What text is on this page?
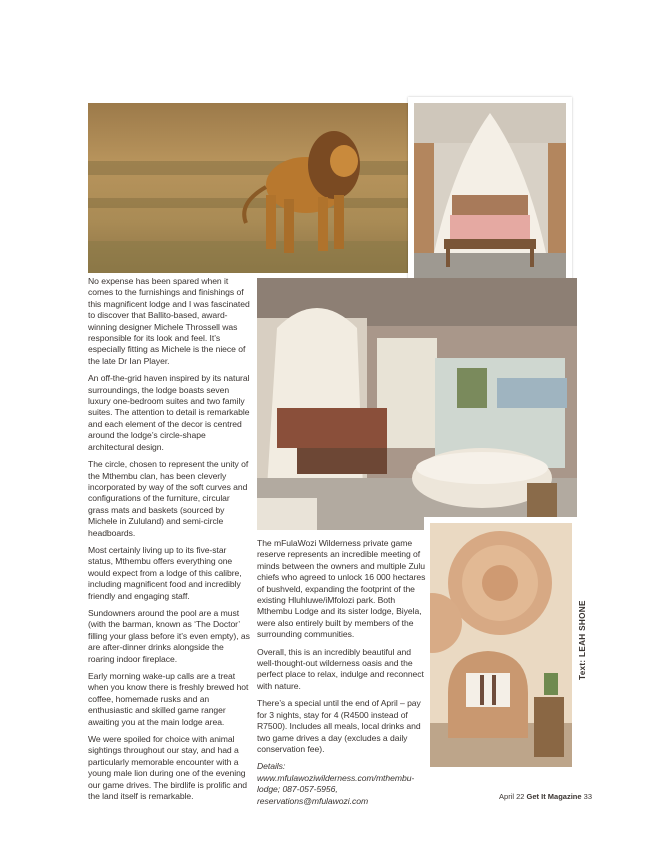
No expense has been spared when it comes to the furnishings and finishings of this magnificent lodge and I was fascinated to discover that Ballito-based, award-winning designer Michele Throssell was responsible for its look and feel. It’s especially fitting as Michele is the niece of the late Dr Ian Player.

An off-the-grid haven inspired by its natural surroundings, the lodge boasts seven luxury one-bedroom suites and two family suites. The attention to detail is remarkable and each element of the decor is centred around the lodge’s circle-shape architectural design.

The circle, chosen to represent the unity of the Mthembu clan, has been cleverly incorporated by way of the soft curves and configurations of the furniture, circular grass mats and baskets (sourced by Michele in Zululand) and semi-circle headboards.

Most certainly living up to its five-star status, Mthembu offers everything one would expect from a lodge of this calibre, including magnificent food and incredibly friendly and engaging staff.

Sundowners around the pool are a must (with the barman, known as ‘The Doctor’ filling your glass before it’s even empty), as are after-dinner drinks alongside the roaring indoor fireplace.

Early morning wake-up calls are a treat when you know there is freshly brewed hot coffee, homemade rusks and an enthusiastic and skilled game ranger awaiting you at the main lodge area.

We were spoiled for choice with animal sightings throughout our stay, and had a particularly memorable encounter with a young male lion during one of the evening our game drives. The birdlife is prolific and the land itself is remarkable.

The mFulaWozi Wilderness private game reserve represents an incredible meeting of minds between the owners and multiple Zulu chiefs who agreed to unlock 16 000 hectares of bushveld, expanding the footprint of the existing Hluhluwe/iMfolozi park. Both Mthembu Lodge and its sister lodge, Biyela, were also entirely built by members of the surrounding communities.

Overall, this is an incredibly beautiful and well-thought-out wilderness oasis and the perfect place to relax, indulge and reconnect with nature.

There’s a special until the end of April – pay for 3 nights, stay for 4 (R4500 instead of R7500). Includes all meals, local drinks and two game drives a day (excludes a daily conservation fee).

Details: www.mfulawoziwilderness.com/mthembu-lodge; 087-057-5956, reservations@mfulawozi.com

Text: LEAH SHONE
April 22 Get It Magazine 33
